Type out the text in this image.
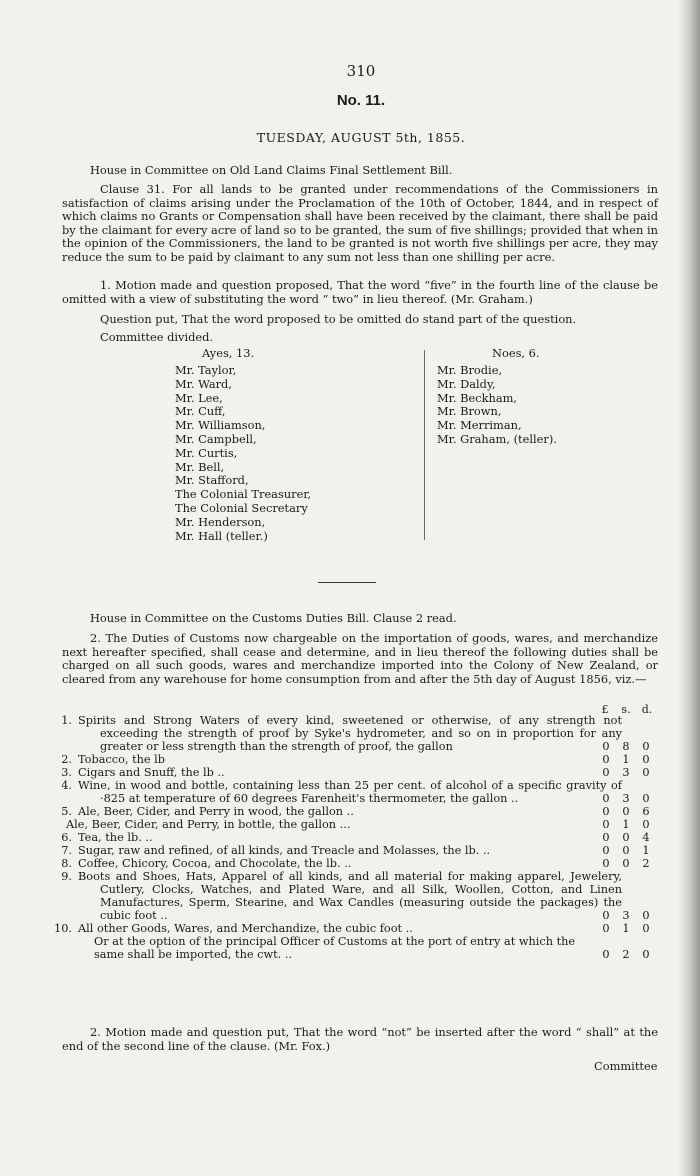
310
No. 11.
TUESDAY, AUGUST 5th, 1855.

House in Committee on Old Land Claims Final Settlement Bill.

Clause 31. For all lands to be granted under recommendations of the Commissioners in satisfaction of claims arising under the Proclamation of the 10th of October, 1844, and in respect of which claims no Grants or Compensation shall have been received by the claimant, there shall be paid by the claimant for every acre of land so to be granted, the sum of five shillings; provided that when in the opinion of the Commissioners, the land to be granted is not worth five shillings per acre, they may reduce the sum to be paid by claimant to any sum not less than one shilling per acre.

1. Motion made and question proposed, That the word “five” in the fourth line of the clause be omitted with a view of substituting the word “ two” in lieu thereof. (Mr. Graham.)

Question put, That the word proposed to be omitted do stand part of the question.

Committee divided.

Ayes, 13.
Mr. Taylor,
Mr. Ward,
Mr. Lee,
Mr. Cuff,
Mr. Williamson,
Mr. Campbell,
Mr. Curtis,
Mr. Bell,
Mr. Stafford,
The Colonial Treasurer,
The Colonial Secretary
Mr. Henderson,
Mr. Hall (teller.)
Noes, 6.
Mr. Brodie,
Mr. Daldy,
Mr. Beckham,
Mr. Brown,
Mr. Merriman,
Mr. Graham, (teller).

House in Committee on the Customs Duties Bill. Clause 2 read.

2. The Duties of Customs now chargeable on the importation of goods, wares, and merchandize next hereafter specified, shall cease and determine, and in lieu thereof the following duties shall be charged on all such goods, wares and merchandize imported into the Colony of New Zealand, or cleared from any warehouse for home consumption from and after the 5th day of August 1856, viz.—

£	s.	d.
1. Spirits and Strong Waters of every kind, sweetened or otherwise, of any strength not exceeding the strength of proof by Syke's hydrometer, and so on in proportion for any greater or less strength than the strength of proof, the gallon	0	8	0
2. Tobacco, the lb	0	1	0
3. Cigars and Snuff, the lb ..	0	3	0
4. Wine, in wood and bottle, containing less than 25 per cent. of alcohol of a specific gravity of ·825 at temperature of 60 degrees Farenheit's thermometer, the gallon ..	0	3	0
5. Ale, Beer, Cider, and Perry in wood, the gallon ..	0	0	6
Ale, Beer, Cider, and Perry, in bottle, the gallon ...	0	1	0
6. Tea, the lb. ..	0	0	4
7. Sugar, raw and refined, of all kinds, and Treacle and Molasses, the lb. ..	0	0	1
8. Coffee, Chicory, Cocoa, and Chocolate, the lb. ..	0	0	2
9. Boots and Shoes, Hats, Apparel of all kinds, and all material for making apparel, Jewelery, Cutlery, Clocks, Watches, and Plated Ware, and all Silk, Woollen, Cotton, and Linen Manufactures, Sperm, Stearine, and Wax Candles (measuring outside the packages) the cubic foot ..	0	3	0
10. All other Goods, Wares, and Merchandize, the cubic foot ..	0	1	0
Or at the option of the principal Officer of Customs at the port of entry at which the same shall be imported, the cwt. ..	0	2	0

2. Motion made and question put, That the word “not” be inserted after the word “ shall” at the end of the second line of the clause. (Mr. Fox.)

Committee
